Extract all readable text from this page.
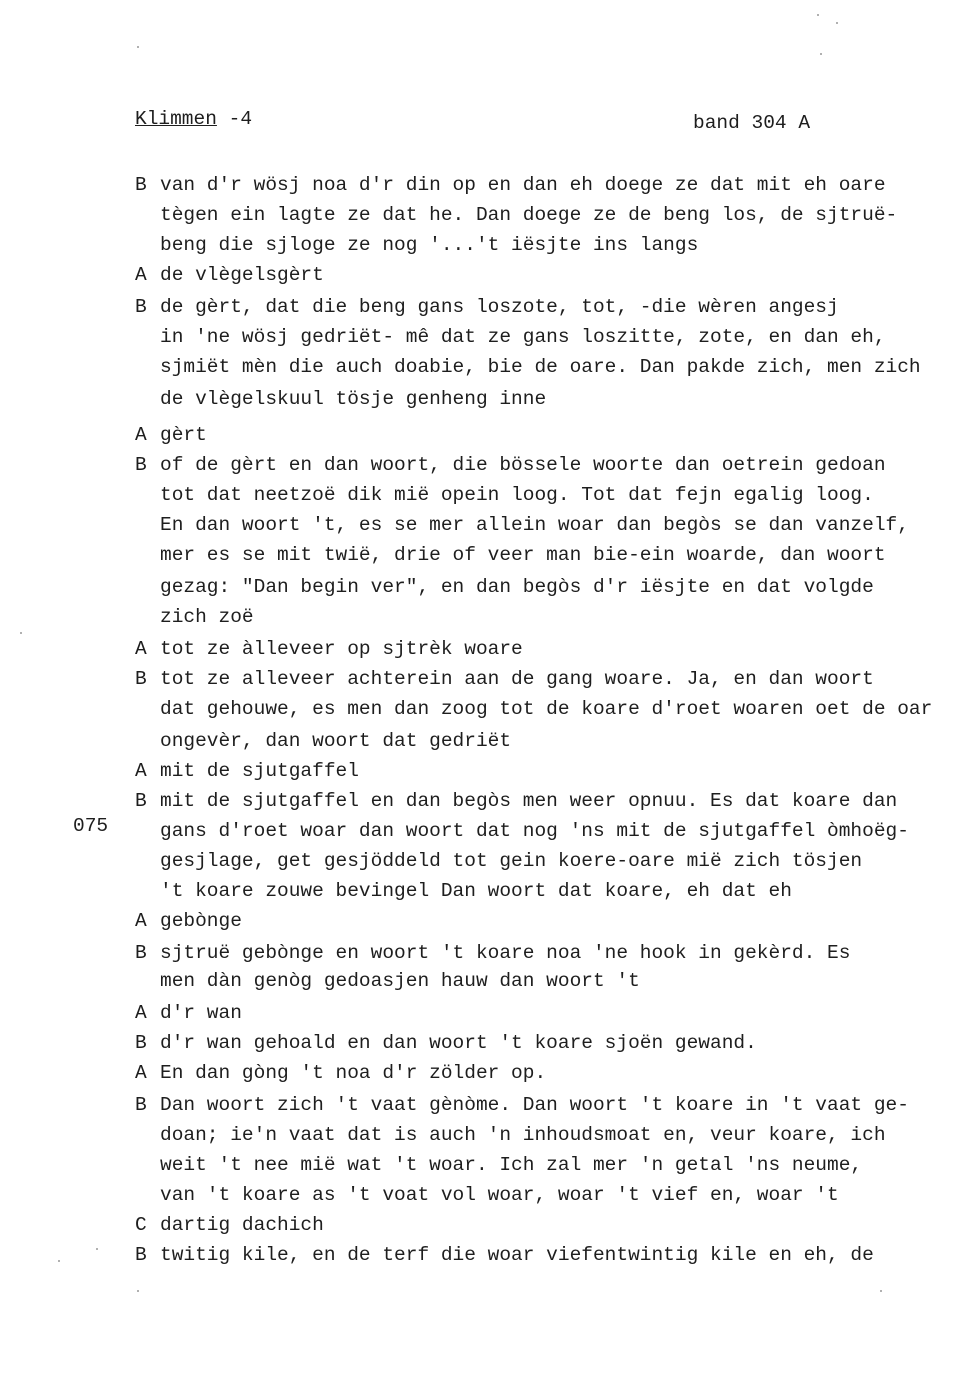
Klimmen -4	band 304 A
075
B van d'r wösj noa d'r din op en dan eh doege ze dat mit eh oare
tègen ein lagte ze dat he. Dan doege ze de beng los, de sjtruë-
beng die sjloge ze nog '...'t iësjte ins langs
A de vlègelsgèrt
B de gèrt, dat die beng gans loszote, tot, -die wèren angesj
in 'ne wösj gedriët- mê dat ze gans loszitte, zote, en dan eh,
sjmiët mèn die auch doabie, bie de oare. Dan pakde zich, men zich
de vlègelskuul tösje genheng inne
A gèrt
B of de gèrt en dan woort, die bössele woorte dan oetrein gedoan
tot dat neetzoë dik mië opein loog. Tot dat fejn egalig loog.
En dan woort 't, es se mer allein woar dan begòs se dan vanzelf,
mer es se mit twië, drie of veer man bie-ein woarde, dan woort
gezag: "Dan begin ver", en dan begòs d'r iësjte en dat volgde
zich zoë
A tot ze àlleveer op sjtrèk woare
B tot ze alleveer achterein aan de gang woare. Ja, en dan woort
dat gehouwe, es men dan zoog tot de koare d'roet woaren oet de oar
ongevèr, dan woort dat gedriët
A mit de sjutgaffel
B mit de sjutgaffel en dan begòs men weer opnuu. Es dat koare dan
gans d'roet woar dan woort dat nog 'ns mit de sjutgaffel òmhoëg-
gesjlage, get gesjöddeld tot gein koere-oare mië zich tösjen
't koare zouwe bevingel Dan woort dat koare, eh dat eh
A gebònge
B sjtruë gebònge en woort 't koare noa 'ne hook in gekèrd. Es
men dàn genòg gedoasjen hauw dan woort 't
A d'r wan
B d'r wan gehoald en dan woort 't koare sjoën gewand.
A En dan gòng 't noa d'r zölder op.
B Dan woort zich 't vaat gènòme. Dan woort 't koare in 't vaat ge-
doan; ie'n vaat dat is auch 'n inhoudsmoat en, veur koare, ich
weit 't nee mië wat 't woar. Ich zal mer 'n getal 'ns neume,
van 't koare as 't voat vol woar, woar 't vief en, woar 't
C dartig dachich
B twitig kile, en de terf die woar viefentwintig kile en eh, de
